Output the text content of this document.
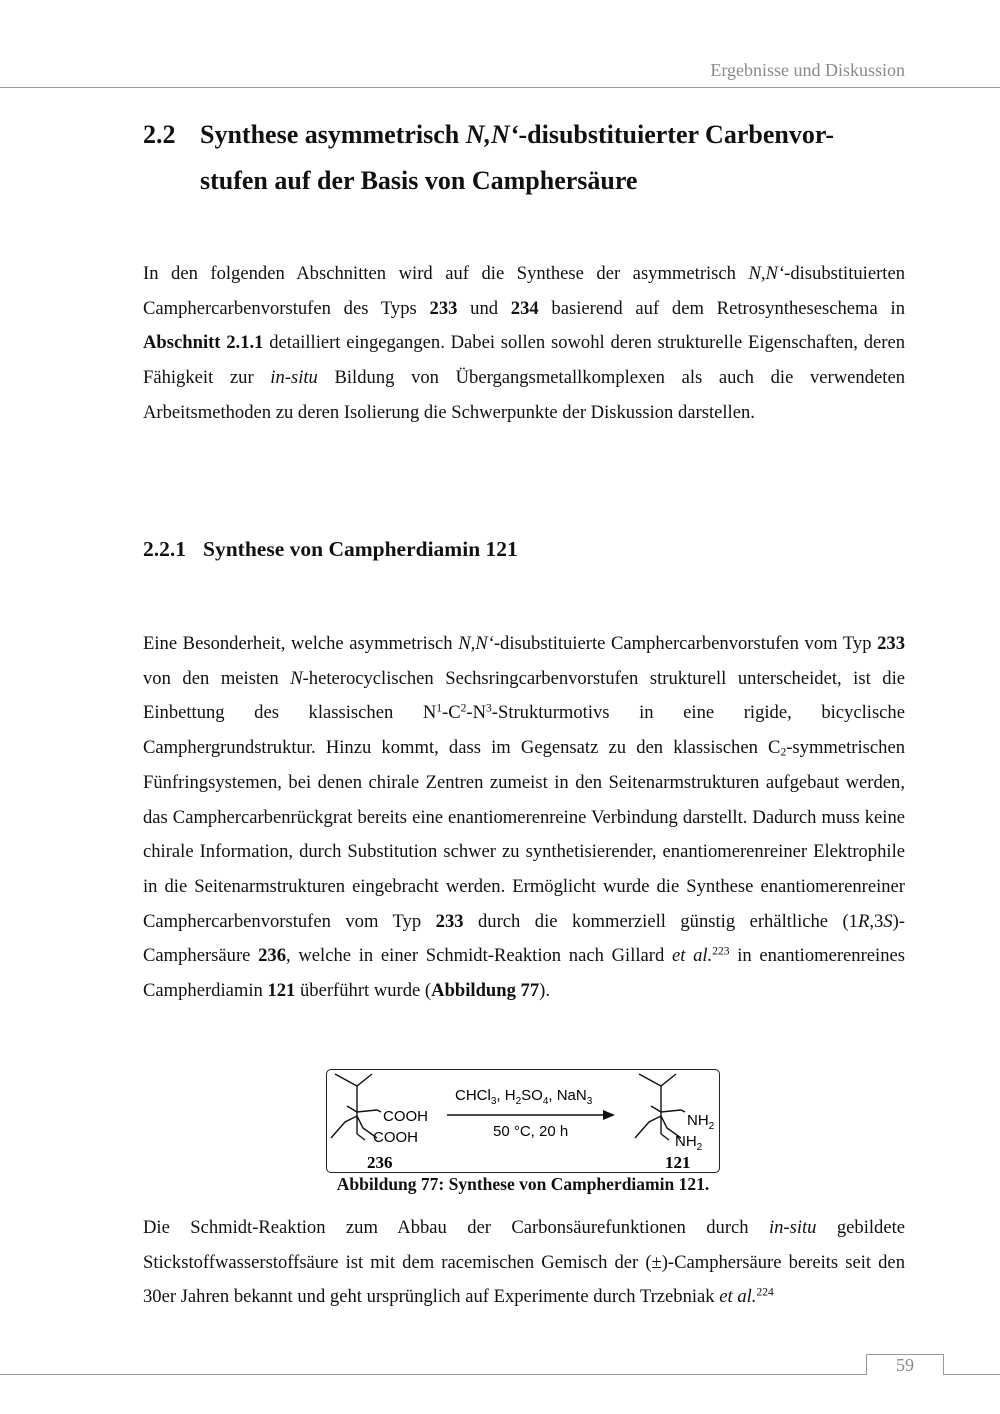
Ergebnisse und Diskussion
2.2 Synthese asymmetrisch N,N‘-disubstituierter Carbenvor- stufen auf der Basis von Camphersäure
In den folgenden Abschnitten wird auf die Synthese der asymmetrisch N,N‘-disubstituierten Camphercarbenvorstufen des Typs 233 und 234 basierend auf dem Retrosyntheseschema in Abschnitt 2.1.1 detailliert eingegangen. Dabei sollen sowohl deren strukturelle Eigenschaften, deren Fähigkeit zur in-situ Bildung von Übergangsmetallkomplexen als auch die verwendeten Arbeitsmethoden zu deren Isolierung die Schwerpunkte der Diskussion darstellen.
2.2.1 Synthese von Campherdiamin 121
Eine Besonderheit, welche asymmetrisch N,N‘-disubstituierte Camphercarbenvorstufen vom Typ 233 von den meisten N-heterocyclischen Sechsringcarbenvorstufen strukturell unterscheidet, ist die Einbettung des klassischen $N^1-C^2-N^3$-Strukturmotivs in eine rigide, bicyclische Camphergrundstruktur. Hinzu kommt, dass im Gegensatz zu den klassischen $C_2$-symmetrischen Fünfringsystemen, bei denen chirale Zentren zumeist in den Seitenarmstrukturen aufgebaut werden, das Camphercarbenrückgrat bereits eine enantiomerenreine Verbindung darstellt. Dadurch muss keine chirale Information, durch Substitution schwer zu synthetisierender, enantiomerenreiner Elektrophile in die Seitenarmstrukturen eingebracht werden. Ermöglicht wurde die Synthese enantiomerenreiner Camphercarbenvorstufen vom Typ 233 durch die kommerziell günstig erhältliche (1R,3S)-Camphersäure 236, welche in einer Schmidt-Reaktion nach Gillard et al.$^{223}$ in enantiomerenreines Campherdiamin 121 überführt wurde (Abbildung 77).
COOH
COOH
236
CHCl$_3$, $H_2SO_4$, NaN$_3$
50 °C, 20 h
$NH_2$
$NH_2$
121
Abbildung 77: Synthese von Campherdiamin 121.
Die Schmidt-Reaktion zum Abbau der Carbonsäurefunktionen durch in-situ gebildete Stickstoffwasserstoffsäure ist mit dem racemischen Gemisch der (±)-Camphersäure bereits seit den 30er Jahren bekannt und geht ursprünglich auf Experimente durch Trzebniak et al.$^{224}$
59
